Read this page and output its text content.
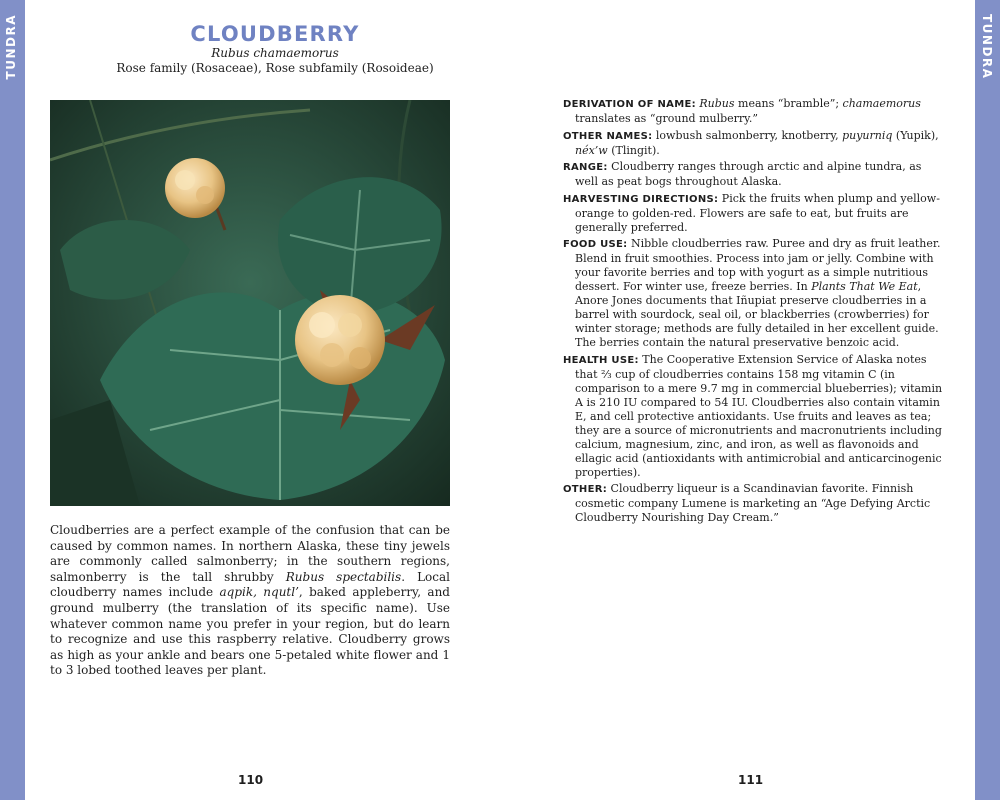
TUNDRA	TUNDRA
CLOUDBERRY
Rubus chamaemorus
Rose family (Rosaceae), Rose subfamily (Rosoideae)

Cloudberries are a perfect example of the confusion that can be caused by common names. In northern Alaska, these tiny jewels are commonly called salmonberry; in the southern regions, salmonberry is the tall shrubby Rubus spectabilis. Local cloudberry names include aqpik, nqutl’, baked appleberry, and ground mulberry (the translation of its specific name). Use whatever common name you prefer in your region, but do learn to recognize and use this raspberry relative. Cloudberry grows as high as your ankle and bears one 5-petaled white flower and 1 to 3 lobed toothed leaves per plant.

110

DERIVATION OF NAME: Rubus means “bramble”; chamaemorus translates as “ground mulberry.”

OTHER NAMES: lowbush salmonberry, knotberry, puyurniq (Yupik), néx’w (Tlingit).

RANGE: Cloudberry ranges through arctic and alpine tundra, as well as peat bogs throughout Alaska.

HARVESTING DIRECTIONS: Pick the fruits when plump and yellow-orange to golden-red. Flowers are safe to eat, but fruits are generally preferred.

FOOD USE: Nibble cloudberries raw. Puree and dry as fruit leather. Blend in fruit smoothies. Process into jam or jelly. Combine with your favorite berries and top with yogurt as a simple nutritious dessert. For winter use, freeze berries. In Plants That We Eat, Anore Jones documents that Iñupiat preserve cloudberries in a barrel with sourdock, seal oil, or blackberries (crowberries) for winter storage; methods are fully detailed in her excellent guide. The berries contain the natural preservative benzoic acid.

HEALTH USE: The Cooperative Extension Service of Alaska notes that ⅔ cup of cloudberries contains 158 mg vitamin C (in comparison to a mere 9.7 mg in commercial blueberries); vitamin A is 210 IU compared to 54 IU. Cloudberries also contain vitamin E, and cell protective antioxidants. Use fruits and leaves as tea; they are a source of micronutrients and macronutrients including calcium, magnesium, zinc, and iron, as well as flavonoids and ellagic acid (antioxidants with antimicrobial and anticarcinogenic properties).

OTHER: Cloudberry liqueur is a Scandinavian favorite. Finnish cosmetic company Lumene is marketing an “Age Defying Arctic Cloudberry Nourishing Day Cream.”

111
